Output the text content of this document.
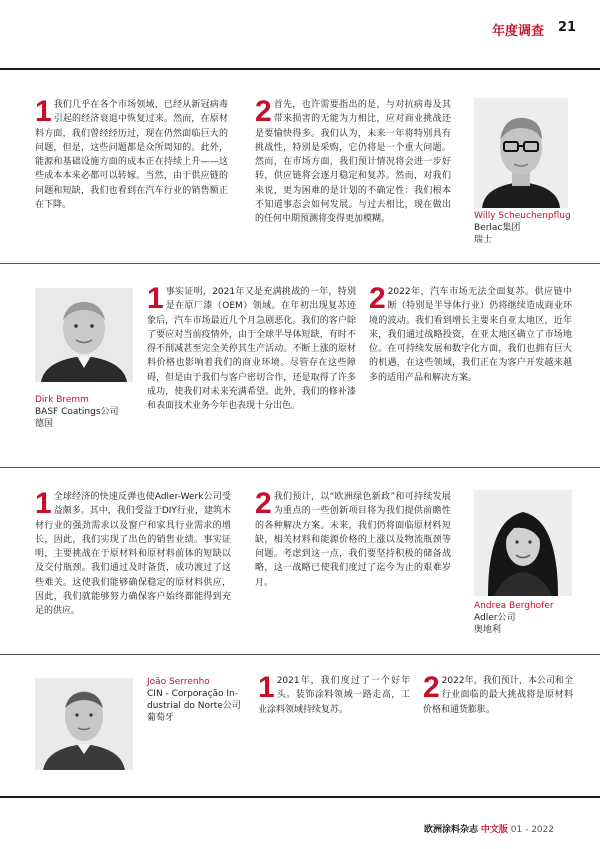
年度调查 21
1 我们几乎在各个市场领域，已经从新冠病毒引起的经济衰退中恢复过来。然而，在原材料方面，我们曾经经历过，现在仍然面临巨大的问题，但是，这些问题都是众所周知的。此外，能源和基础设施方面的成本正在持续上升——这些成本本来必都可以转嫁。当然，由于供应链的问题和短缺，我们也看到在汽车行业的销售额正在下降。
2 首先，也许需要指出的是，与对抗病毒及其带来损害的无能为力相比，应对商业挑战还是要愉快得多。我们认为，未来一年将特别具有挑战性，特别是采购，它仍将是一个重大问题。然而，在市场方面，我们预计情况将会进一步好转，供应链将会逐月稳定和复苏。然而，对我们来说，更为困难的是计划的不确定性：我们根本不知道事态会如何发展。与过去相比，现在做出的任何中期预测将变得更加模糊。	Willy Scheuchenpflug
Berlac集团
瑞士
Dirk Bremm
BASF Coatings公司
德国
1 事实证明，2021年又是充满挑战的一年，特别是在原厂漆（OEM）领域。在年初出现复苏迹象后，汽车市场最近几个月急剧恶化。我们的客户除了要应对当前疫情外，由于全球半导体短缺，有时不得不削减甚至完全关停其生产活动。不断上涨的原材料价格也影响着我们的商业环境。尽管存在这些障碍，但是由于我们与客户密切合作，还是取得了许多成功，使我们对未来充满希望。此外，我们的修补漆和表面技术业务今年也表现十分出色。
2 2022年，汽车市场无法全面复苏。供应链中断（特别是半导体行业）仍将继续造成商业环境的波动。我们看到增长主要来自亚太地区，近年来，我们通过战略投资，在亚太地区确立了市场地位。在可持续发展和数字化方面，我们也拥有巨大的机遇，在这些领域，我们正在为客户开发越来越多的适用产品和解决方案。
1 全球经济的快速反弹也使Adler-Werk公司受益颇多。其中，我们受益于DIY行业，建筑木材行业的强劲需求以及窗户和家具行业需求的增长，因此，我们实现了出色的销售业绩。事实证明，主要挑战在于原材料和原材料前体的短缺以及交付瓶颈。我们通过及时备货，成功渡过了这些难关。这使我们能够确保稳定的原材料供应，因此，我们就能够努力确保客户始终都能得到充足的供应。
2 我们预计，以“欧洲绿色新政”和可持续发展为重点的一些创新项目将为我们提供前瞻性的各种解决方案。未来，我们仍将面临原材料短缺，相关材料和能源价格的上涨以及物流瓶颈等问题。考虑到这一点，我们要坚持积极的储备战略，这一战略已使我们度过了迄今为止的艰难岁月。
Andrea Berghofer
Adler公司
奥地利
João Serrenho
CIN - Corporação In-
dustrial do Norte公司
葡萄牙
1 2021年，我们度过了一个好年头。装饰涂料领域一路走高，工业涂料领域持续复苏。
2 2022年，我们预计，本公司和全行业面临的最大挑战将是原材料价格和通货膨胀。
欧洲涂料杂志 中文版 01 - 2022
